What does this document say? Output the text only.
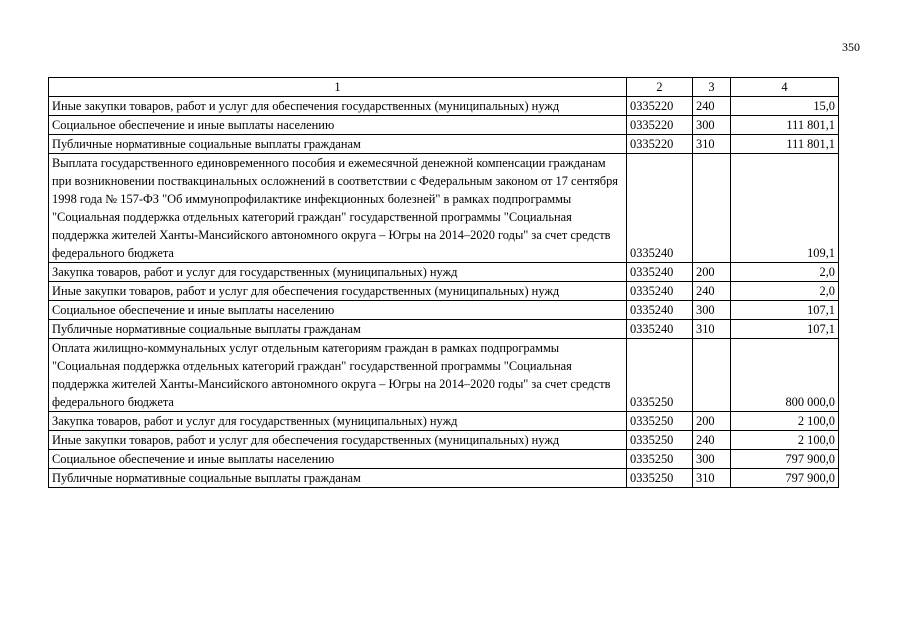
350
1	2	3	4
Иные закупки товаров, работ и услуг для обеспечения государственных (муниципальных) нужд	0335220	240	15,0
Социальное обеспечение и иные выплаты населению	0335220	300	111 801,1
Публичные нормативные социальные выплаты гражданам	0335220	310	111 801,1
Выплата государственного единовременного пособия и ежемесячной денежной компенсации гражданам при возникновении поствакцинальных осложнений в соответствии с Федеральным законом от 17 сентября 1998 года № 157-ФЗ "Об иммунопрофилактике инфекционных болезней" в рамках подпрограммы "Социальная поддержка отдельных категорий граждан" государственной программы "Социальная поддержка жителей Ханты-Мансийского автономного округа – Югры на 2014–2020 годы" за счет средств федерального бюджета	0335240		109,1
Закупка товаров, работ и услуг для государственных (муниципальных) нужд	0335240	200	2,0
Иные закупки товаров, работ и услуг для обеспечения государственных (муниципальных) нужд	0335240	240	2,0
Социальное обеспечение и иные выплаты населению	0335240	300	107,1
Публичные нормативные социальные выплаты гражданам	0335240	310	107,1
Оплата жилищно-коммунальных услуг отдельным категориям граждан в рамках подпрограммы "Социальная поддержка отдельных категорий граждан" государственной программы "Социальная поддержка жителей Ханты-Мансийского автономного округа – Югры на 2014–2020 годы" за счет средств федерального бюджета	0335250		800 000,0
Закупка товаров, работ и услуг для государственных (муниципальных) нужд	0335250	200	2 100,0
Иные закупки товаров, работ и услуг для обеспечения государственных (муниципальных) нужд	0335250	240	2 100,0
Социальное обеспечение и иные выплаты населению	0335250	300	797 900,0
Публичные нормативные социальные выплаты гражданам	0335250	310	797 900,0
